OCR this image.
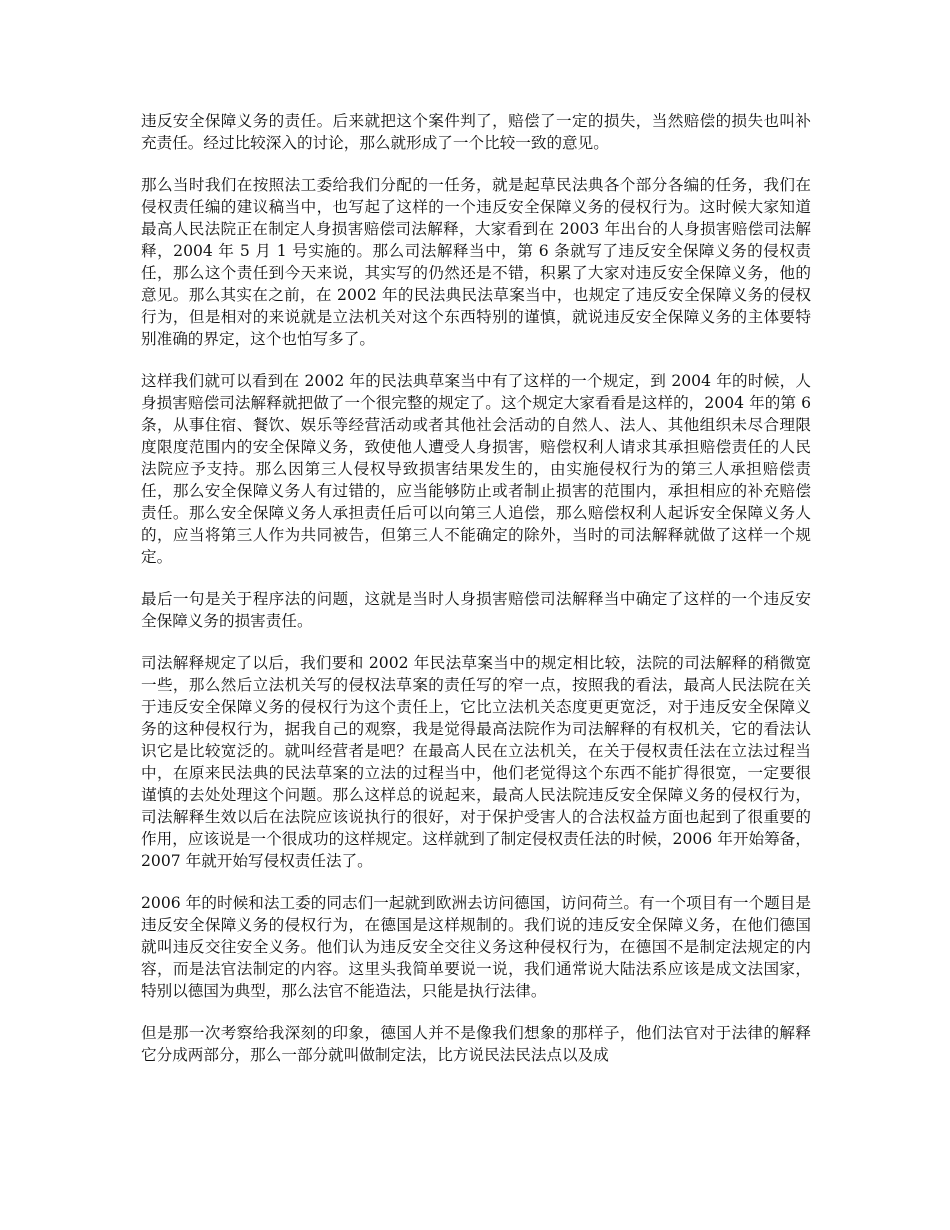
违反安全保障义务的责任。后来就把这个案件判了，赔偿了一定的损失，当然赔偿的损失也叫补充责任。经过比较深入的讨论，那么就形成了一个比较一致的意见。

那么当时我们在按照法工委给我们分配的一任务，就是起草民法典各个部分各编的任务，我们在侵权责任编的建议稿当中，也写起了这样的一个违反安全保障义务的侵权行为。这时候大家知道最高人民法院正在制定人身损害赔偿司法解释，大家看到在 2003 年出台的人身损害赔偿司法解释，2004 年 5 月 1 号实施的。那么司法解释当中，第 6 条就写了违反安全保障义务的侵权责任，那么这个责任到今天来说，其实写的仍然还是不错，积累了大家对违反安全保障义务，他的意见。那么其实在之前，在 2002 年的民法典民法草案当中，也规定了违反安全保障义务的侵权行为，但是相对的来说就是立法机关对这个东西特别的谨慎，就说违反安全保障义务的主体要特别准确的界定，这个也怕写多了。

这样我们就可以看到在 2002 年的民法典草案当中有了这样的一个规定，到 2004 年的时候，人身损害赔偿司法解释就把做了一个很完整的规定了。这个规定大家看看是这样的，2004 年的第 6 条，从事住宿、餐饮、娱乐等经营活动或者其他社会活动的自然人、法人、其他组织未尽合理限度限度范围内的安全保障义务，致使他人遭受人身损害，赔偿权利人请求其承担赔偿责任的人民法院应予支持。那么因第三人侵权导致损害结果发生的，由实施侵权行为的第三人承担赔偿责任，那么安全保障义务人有过错的，应当能够防止或者制止损害的范围内，承担相应的补充赔偿责任。那么安全保障义务人承担责任后可以向第三人追偿，那么赔偿权利人起诉安全保障义务人的，应当将第三人作为共同被告，但第三人不能确定的除外，当时的司法解释就做了这样一个规定。

最后一句是关于程序法的问题，这就是当时人身损害赔偿司法解释当中确定了这样的一个违反安全保障义务的损害责任。

司法解释规定了以后，我们要和 2002 年民法草案当中的规定相比较，法院的司法解释的稍微宽一些，那么然后立法机关写的侵权法草案的责任写的窄一点，按照我的看法，最高人民法院在关于违反安全保障义务的侵权行为这个责任上，它比立法机关态度更更宽泛，对于违反安全保障义务的这种侵权行为，据我自己的观察，我是觉得最高法院作为司法解释的有权机关，它的看法认识它是比较宽泛的。就叫经营者是吧？在最高人民在立法机关，在关于侵权责任法在立法过程当中，在原来民法典的民法草案的立法的过程当中，他们老觉得这个东西不能扩得很宽，一定要很谨慎的去处处理这个问题。那么这样总的说起来，最高人民法院违反安全保障义务的侵权行为，司法解释生效以后在法院应该说执行的很好，对于保护受害人的合法权益方面也起到了很重要的作用，应该说是一个很成功的这样规定。这样就到了制定侵权责任法的时候，2006 年开始筹备，2007 年就开始写侵权责任法了。

2006 年的时候和法工委的同志们一起就到欧洲去访问德国，访问荷兰。有一个项目有一个题目是违反安全保障义务的侵权行为，在德国是这样规制的。我们说的违反安全保障义务，在他们德国就叫违反交往安全义务。他们认为违反安全交往义务这种侵权行为，在德国不是制定法规定的内容，而是法官法制定的内容。这里头我简单要说一说，我们通常说大陆法系应该是成文法国家，特别以德国为典型，那么法官不能造法，只能是执行法律。

但是那一次考察给我深刻的印象，德国人并不是像我们想象的那样子，他们法官对于法律的解释它分成两部分，那么一部分就叫做制定法，比方说民法民法点以及成
